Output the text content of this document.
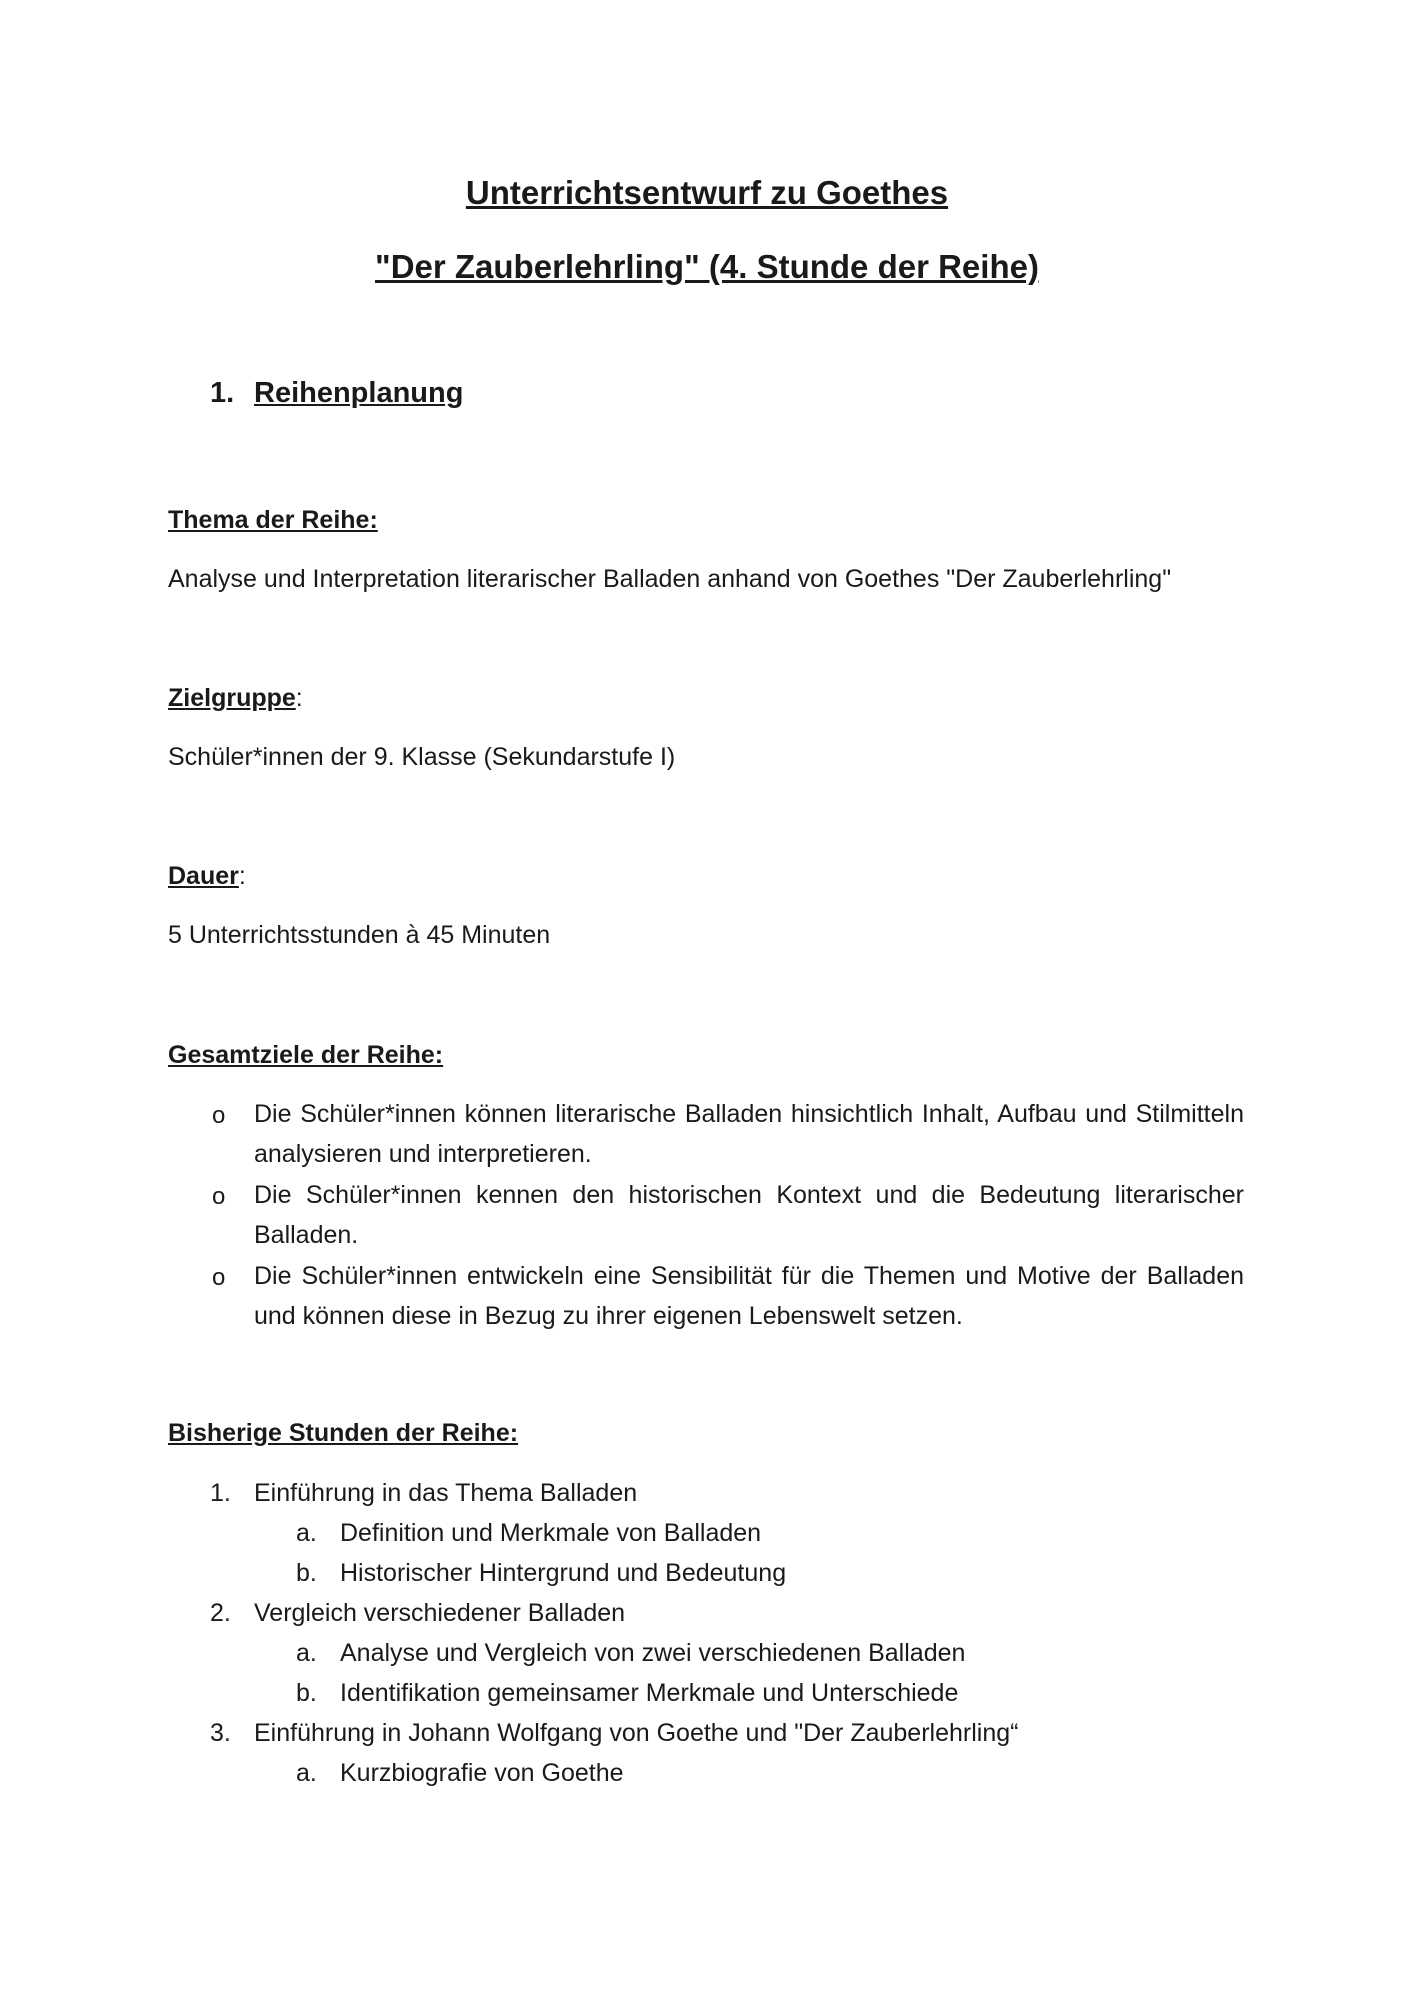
Unterrichtsentwurf zu Goethes
"Der Zauberlehrling" (4. Stunde der Reihe)
1. Reihenplanung
Thema der Reihe:
Analyse und Interpretation literarischer Balladen anhand von Goethes "Der Zauberlehrling"
Zielgruppe:
Schüler*innen der 9. Klasse (Sekundarstufe I)
Dauer:
5 Unterrichtsstunden à 45 Minuten
Gesamtziele der Reihe:
o Die Schüler*innen können literarische Balladen hinsichtlich Inhalt, Aufbau und Stilmitteln analysieren und interpretieren.
o Die Schüler*innen kennen den historischen Kontext und die Bedeutung literarischer Balladen.
o Die Schüler*innen entwickeln eine Sensibilität für die Themen und Motive der Balladen und können diese in Bezug zu ihrer eigenen Lebenswelt setzen.
Bisherige Stunden der Reihe:
1. Einführung in das Thema Balladen
a. Definition und Merkmale von Balladen
b. Historischer Hintergrund und Bedeutung
2. Vergleich verschiedener Balladen
a. Analyse und Vergleich von zwei verschiedenen Balladen
b. Identifikation gemeinsamer Merkmale und Unterschiede
3. Einführung in Johann Wolfgang von Goethe und "Der Zauberlehrling“
a. Kurzbiografie von Goethe
